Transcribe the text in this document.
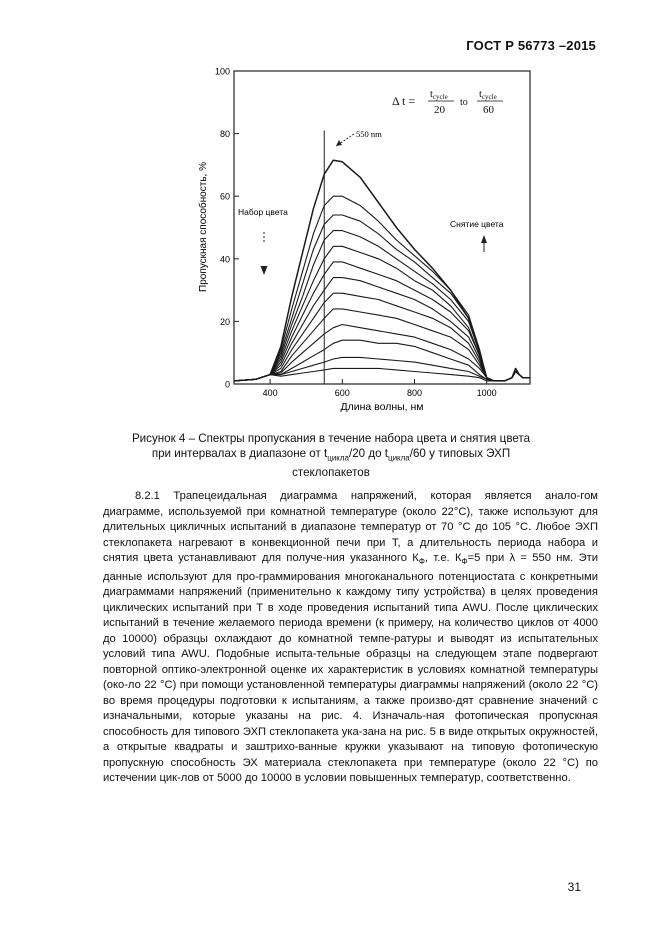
ГОСТ Р 56773 –2015
0
20
40
60
80
100
400	600	800	1000
Δ t = tcycle
20
to
tcycle
60
550 nm
Набор цвета
Снятие цвета
Пропускная способность, %
Длина волны, нм
Рисунок 4 – Спектры пропускания в течение набора цвета и снятия цвета
при интервалах в диапазоне от $t_{цикла}/20$ до $t_{цикла}/60$ у типовых ЭХП
стеклопакетов
8.2.1 Трапецеидальная диаграмма напряжений, которая является анало-гом диаграмме, используемой при комнатной температуре (около 22°С), также используют для длительных цикличных испытаний в диапазоне температур от 70 °С до 105 °С. Любое ЭХП стеклопакета нагревают в конвекционной печи при Т, а длительность периода набора и снятия цвета устанавливают для получе-ния указанного $К_Ф$, т.е. $К_Ф=5$ при λ = 550 нм. Эти данные используют для про-граммирования многоканального потенциостата с конкретными диаграммами напряжений (применительно к каждому типу устройства) в целях проведения циклических испытаний при Т в ходе проведения испытаний типа AWU. После циклических испытаний в течение желаемого периода времени (к примеру, на количество циклов от 4000 до 10000) образцы охлаждают до комнатной темпе-ратуры и выводят из испытательных условий типа AWU. Подобные испыта-тельные образцы на следующем этапе подвергают повторной оптико-электронной оценке их характеристик в условиях комнатной температуры (око-ло 22 °С) при помощи установленной температуры диаграммы напряжений (около 22 °С) во время процедуры подготовки к испытаниям, а также произво-дят сравнение значений с изначальными, которые указаны на рис. 4. Изначаль-ная фотопическая пропускная способность для типового ЭХП стеклопакета ука-зана на рис. 5 в виде открытых окружностей, а открытые квадраты и заштрихо-ванные кружки указывают на типовую фотопическую пропускную способность ЭХ материала стеклопакета при температуре (около 22 °С) по истечении цик-лов от 5000 до 10000 в условии повышенных температур, соответственно.
31
